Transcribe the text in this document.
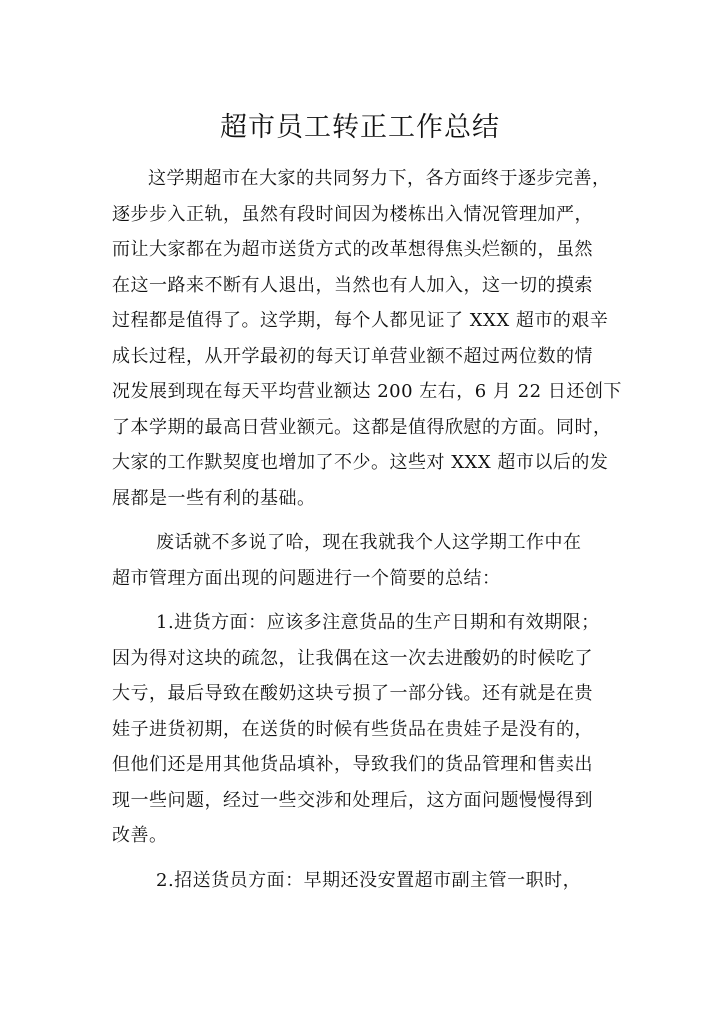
超市员工转正工作总结
这学期超市在大家的共同努力下，各方面终于逐步完善，
逐步步入正轨，虽然有段时间因为楼栋出入情况管理加严，
而让大家都在为超市送货方式的改革想得焦头烂额的，虽然
在这一路来不断有人退出，当然也有人加入，这一切的摸索
过程都是值得了。这学期，每个人都见证了 XXX 超市的艰辛
成长过程，从开学最初的每天订单营业额不超过两位数的情
况发展到现在每天平均营业额达 200 左右，6 月 22 日还创下
了本学期的最高日营业额元。这都是值得欣慰的方面。同时，
大家的工作默契度也增加了不少。这些对 XXX 超市以后的发
展都是一些有利的基础。
废话就不多说了哈，现在我就我个人这学期工作中在
超市管理方面出现的问题进行一个简要的总结：
1.进货方面：应该多注意货品的生产日期和有效期限；
因为得对这块的疏忽，让我偶在这一次去进酸奶的时候吃了
大亏，最后导致在酸奶这块亏损了一部分钱。还有就是在贵
娃子进货初期，在送货的时候有些货品在贵娃子是没有的，
但他们还是用其他货品填补，导致我们的货品管理和售卖出
现一些问题，经过一些交涉和处理后，这方面问题慢慢得到
改善。
2.招送货员方面：早期还没安置超市副主管一职时，
